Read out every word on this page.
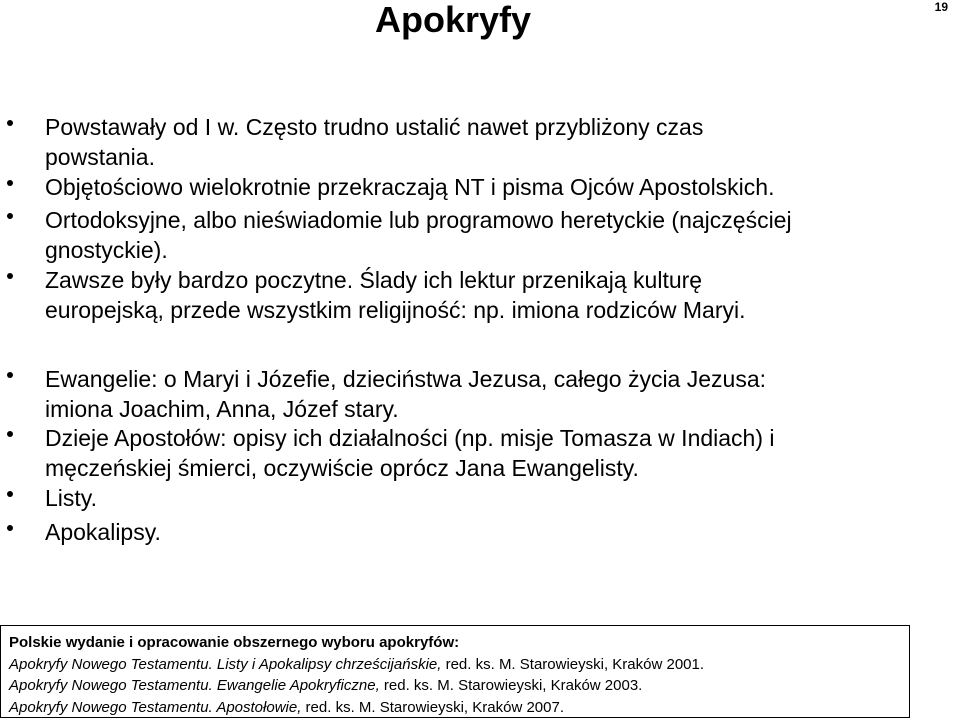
Apokryfy	19
Powstawały od I w. Często trudno ustalić nawet przybliżony czas
powstania.
Objętościowo wielokrotnie przekraczają NT i pisma Ojców Apostolskich.
Ortodoksyjne, albo nieświadomie lub programowo heretyckie (najczęściej
gnostyckie).
Zawsze były bardzo poczytne. Ślady ich lektur przenikają kulturę
europejską, przede wszystkim religijność: np. imiona rodziców Maryi.
Ewangelie: o Maryi i Józefie, dzieciństwa Jezusa, całego życia Jezusa:
imiona Joachim, Anna, Józef stary.
Dzieje Apostołów: opisy ich działalności (np. misje Tomasza w Indiach) i
męczeńskiej śmierci, oczywiście oprócz Jana Ewangelisty.
Listy.
Apokalipsy.
Polskie wydanie i opracowanie obszernego wyboru apokryfów:
Apokryfy Nowego Testamentu. Listy i Apokalipsy chrześcijańskie, red. ks. M. Starowieyski, Kraków 2001.
Apokryfy Nowego Testamentu. Ewangelie Apokryficzne, red. ks. M. Starowieyski, Kraków 2003.
Apokryfy Nowego Testamentu. Apostołowie, red. ks. M. Starowieyski, Kraków 2007.
